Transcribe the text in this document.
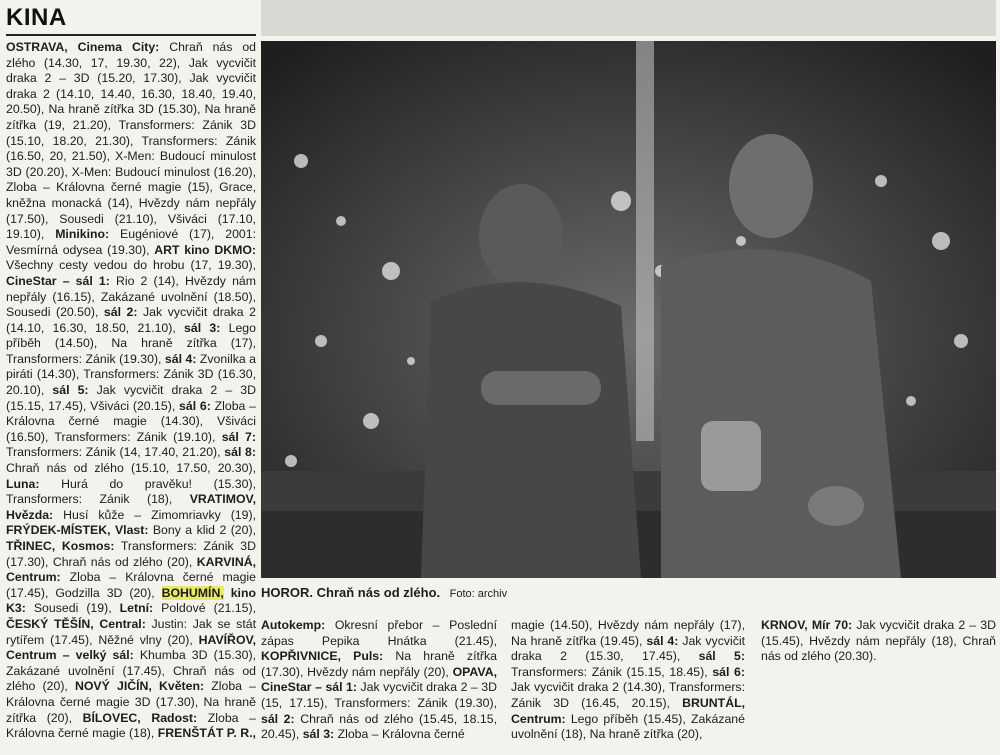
KINA

OSTRAVA, Cinema City: Chraň nás od zlého (14.30, 17, 19.30, 22), Jak vycvičit draka 2 – 3D (15.20, 17.30), Jak vycvičit draka 2 (14.10, 14.40, 16.30, 18.40, 19.40, 20.50), Na hraně zítřka 3D (15.30), Na hraně zítřka (19, 21.20), Transformers: Zánik 3D (15.10, 18.20, 21.30), Transformers: Zánik (16.50, 20, 21.50), X-Men: Budoucí minulost 3D (20.20), X-Men: Budoucí minulost (16.20), Zloba – Královna černé magie (15), Grace, kněžna monacká (14), Hvězdy nám nepřály (17.50), Sousedi (21.10), Všiváci (17.10, 19.10), Minikino: Eugéniové (17), 2001: Vesmírná odysea (19.30), ART kino DKMO: Všechny cesty vedou do hrobu (17, 19.30), CineStar – sál 1: Rio 2 (14), Hvězdy nám nepřály (16.15), Zakázané uvolnění (18.50), Sousedi (20.50), sál 2: Jak vycvičit draka 2 (14.10, 16.30, 18.50, 21.10), sál 3: Lego příběh (14.50), Na hraně zítřka (17), Transformers: Zánik (19.30), sál 4: Zvonilka a piráti (14.30), Transformers: Zánik 3D (16.30, 20.10), sál 5: Jak vycvičit draka 2 – 3D (15.15, 17.45), Všiváci (20.15), sál 6: Zloba – Královna černé magie (14.30), Všiváci (16.50), Transformers: Zánik (19.10), sál 7: Transformers: Zánik (14, 17.40, 21.20), sál 8: Chraň nás od zlého (15.10, 17.50, 20.30), Luna: Hurá do pravěku! (15.30), Transformers: Zánik (18), VRATIMOV, Hvězda: Husí kůže – Zimomriavky (19), FRÝDEK-MÍSTEK, Vlast: Bony a klid 2 (20), TŘINEC, Kosmos: Transformers: Zánik 3D (17.30), Chraň nás od zlého (20), KARVINÁ, Centrum: Zloba – Královna černé magie (17.45), Godzilla 3D (20), BOHUMÍN, kino K3: Sousedi (19), Letní: Poldové (21.15), ČESKÝ TĚŠÍN, Central: Justin: Jak se stát rytířem (17.45), Něžné vlny (20), HAVÍŘOV, Centrum – velký sál: Khumba 3D (15.30), Zakázané uvolnění (17.45), Chraň nás od zlého (20), NOVÝ JIČÍN, Květen: Zloba – Královna černé magie 3D (17.30), Na hraně zítřka (20), BÍLOVEC, Radost: Zloba – Královna černé magie (18), FRENŠTÁT P. R.,

HOROR. Chraň nás od zlého. Foto: archiv

Autokemp: Okresní přebor – Poslední zápas Pepika Hnátka (21.45), KOPŘIVNICE, Puls: Na hraně zítřka (17.30), Hvězdy nám nepřály (20), OPAVA, CineStar – sál 1: Jak vycvičit draka 2 – 3D (15, 17.15), Transformers: Zánik (19.30), sál 2: Chraň nás od zlého (15.45, 18.15, 20.45), sál 3: Zloba – Královna černé

magie (14.50), Hvězdy nám nepřály (17), Na hraně zítřka (19.45), sál 4: Jak vycvičit draka 2 (15.30, 17.45), sál 5: Transformers: Zánik (15.15, 18.45), sál 6: Jak vycvičit draka 2 (14.30), Transformers: Zánik 3D (16.45, 20.15), BRUNTÁL, Centrum: Lego příběh (15.45), Zakázané uvolnění (18), Na hraně zítřka (20),

KRNOV, Mír 70: Jak vycvičit draka 2 – 3D (15.45), Hvězdy nám nepřály (18), Chraň nás od zlého (20.30).
